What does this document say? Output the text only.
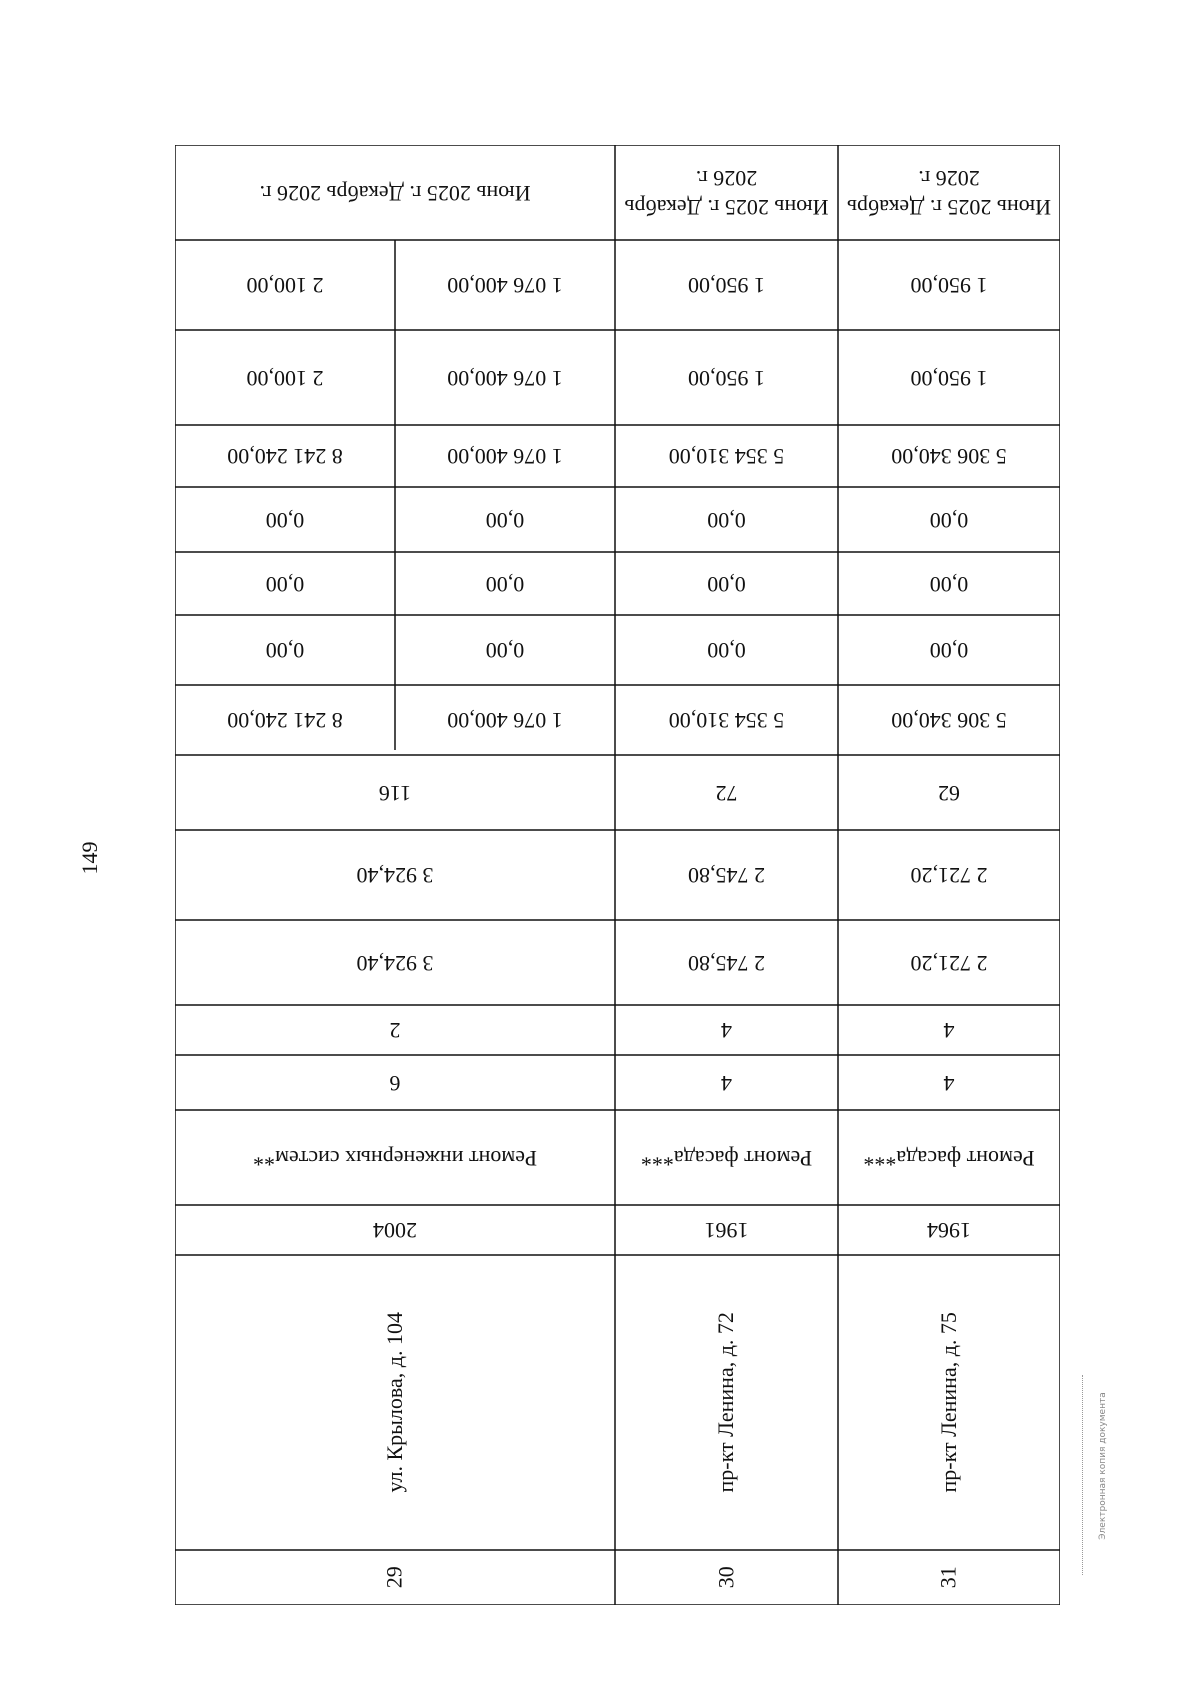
149
Июнь 2025 г. Декабрь 2026 г.
1 950,00
1 950,00
5 306 340,00
0,00
0,00
0,00
5 306 340,00
62
2 721,20
2 721,20
4
4
Ремонт фасада***
1964
пр-кт Ленина, д. 75
31
Июнь 2025 г. Декабрь 2026 г.
1 950,00
1 950,00
5 354 310,00
0,00
0,00
0,00
5 354 310,00
72
2 745,80
2 745,80
4
4
Ремонт фасада***
1961
пр-кт Ленина, д. 72
30
Июнь 2025 г. Декабрь 2026 г.
1 076 400,00
2 100,00
1 076 400,00
2 100,00
1 076 400,00
8 241 240,00
0,00
0,00
0,00
0,00
0,00
0,00
1 076 400,00
8 241 240,00
116
3 924,40
3 924,40
2
6
Ремонт инженерных систем**
2004
ул. Крылова, д. 104
29
Электронная копия документа
